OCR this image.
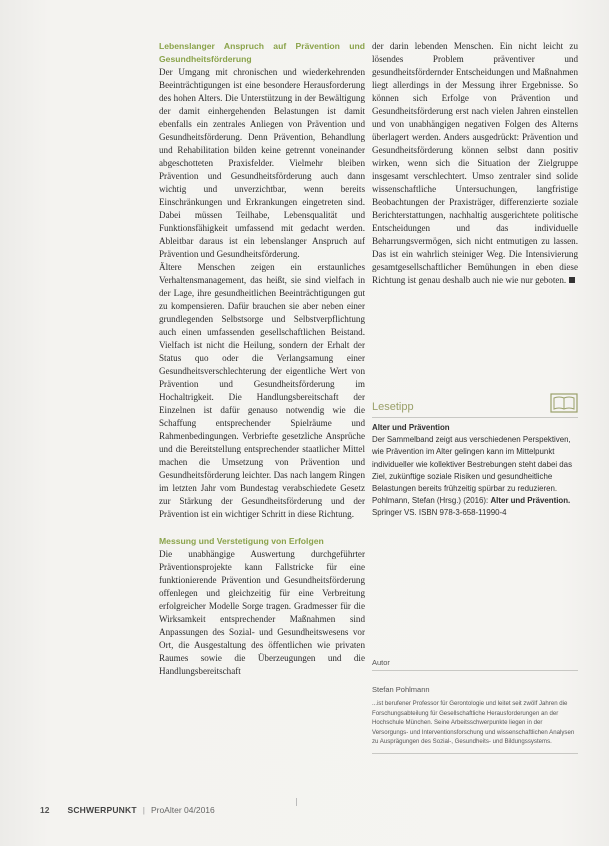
Lebenslanger Anspruch auf Prävention und Gesundheitsförderung

Der Umgang mit chronischen und wiederkehrenden Beeinträchtigungen ist eine besondere Herausforderung des hohen Alters. Die Unterstützung in der Bewältigung der damit einhergehenden Belastungen ist damit ebenfalls ein zentrales Anliegen von Prävention und Gesundheitsförderung. Denn Prävention, Behandlung und Rehabilitation bilden keine getrennt voneinander abgeschotteten Praxisfelder. Vielmehr bleiben Prävention und Gesundheitsförderung auch dann wichtig und unverzichtbar, wenn bereits Einschränkungen und Erkrankungen eingetreten sind. Dabei müssen Teilhabe, Lebensqualität und Funktionsfähigkeit umfassend mit gedacht werden. Ableitbar daraus ist ein lebenslanger Anspruch auf Prävention und Gesundheitsförderung.

Ältere Menschen zeigen ein erstaunliches Verhaltensmanagement, das heißt, sie sind vielfach in der Lage, ihre gesundheitlichen Beeinträchtigungen gut zu kompensieren. Dafür brauchen sie aber neben einer grundlegenden Selbstsorge und Selbstverpflichtung auch einen umfassenden gesellschaftlichen Beistand. Vielfach ist nicht die Heilung, sondern der Erhalt der Status quo oder die Verlangsamung einer Gesundheitsverschlechterung der eigentliche Wert von Prävention und Gesundheitsförderung im Hochaltrigkeit. Die Handlungsbereitschaft der Einzelnen ist dafür genauso notwendig wie die Schaffung entsprechender Spielräume und Rahmenbedingungen. Verbriefte gesetzliche Ansprüche und die Bereitstellung entsprechender staatlicher Mittel machen die Umsetzung von Prävention und Gesundheitsförderung leichter. Das nach langem Ringen im letzten Jahr vom Bundestag verabschiedete Gesetz zur Stärkung der Gesundheitsförderung und der Prävention ist ein wichtiger Schritt in diese Richtung.

Messung und Verstetigung von Erfolgen

Die unabhängige Auswertung durchgeführter Präventionsprojekte kann Fallstricke für eine funktionierende Prävention und Gesundheitsförderung offenlegen und gleichzeitig für eine Verbreitung erfolgreicher Modelle Sorge tragen. Gradmesser für die Wirksamkeit entsprechender Maßnahmen sind Anpassungen des Sozial- und Gesundheitswesens vor Ort, die Ausgestaltung des öffentlichen wie privaten Raumes sowie die Überzeugungen und die Handlungsbereitschaft

der darin lebenden Menschen. Ein nicht leicht zu lösendes Problem präventiver und gesundheitsfördernder Entscheidungen und Maßnahmen liegt allerdings in der Messung ihrer Ergebnisse. So können sich Erfolge von Prävention und Gesundheitsförderung erst nach vielen Jahren einstellen und von unabhängigen negativen Folgen des Alterns überlagert werden. Anders ausgedrückt: Prävention und Gesundheitsförderung können selbst dann positiv wirken, wenn sich die Situation der Zielgruppe insgesamt verschlechtert. Umso zentraler sind solide wissenschaftliche Untersuchungen, langfristige Beobachtungen der Praxisträger, differenzierte soziale Berichterstattungen, nachhaltig ausgerichtete politische Entscheidungen und das individuelle Beharrungsvermögen, sich nicht entmutigen zu lassen. Das ist ein wahrlich steiniger Weg. Die Intensivierung gesamtgesellschaftlicher Bemühungen in eben diese Richtung ist genau deshalb auch nie wie nur geboten.

Lesetipp
Alter und Prävention
Der Sammelband zeigt aus verschiedenen Perspektiven, wie Prävention im Alter gelingen kann im Mittelpunkt individueller wie kollektiver Bestrebungen steht dabei das Ziel, zukünftige soziale Risiken und gesundheitliche Belastungen bereits frühzeitig spürbar zu reduzieren.
Pohlmann, Stefan (Hrsg.) (2016): Alter und Prävention. Springer VS. ISBN 978-3-658-11990-4
Autor
Stefan Pohlmann
...ist berufener Professor für Gerontologie und leitet seit zwölf Jahren die Forschungsabteilung für Gesellschaftliche Herausforderungen an der Hochschule München. Seine Arbeitsschwerpunkte liegen in der Versorgungs- und Interventionsforschung und wissenschaftlichen Analysen zu Ausprägungen des Sozial-, Gesundheits- und Bildungssystems.
12 SCHWERPUNKT | ProAlter 04/2016
